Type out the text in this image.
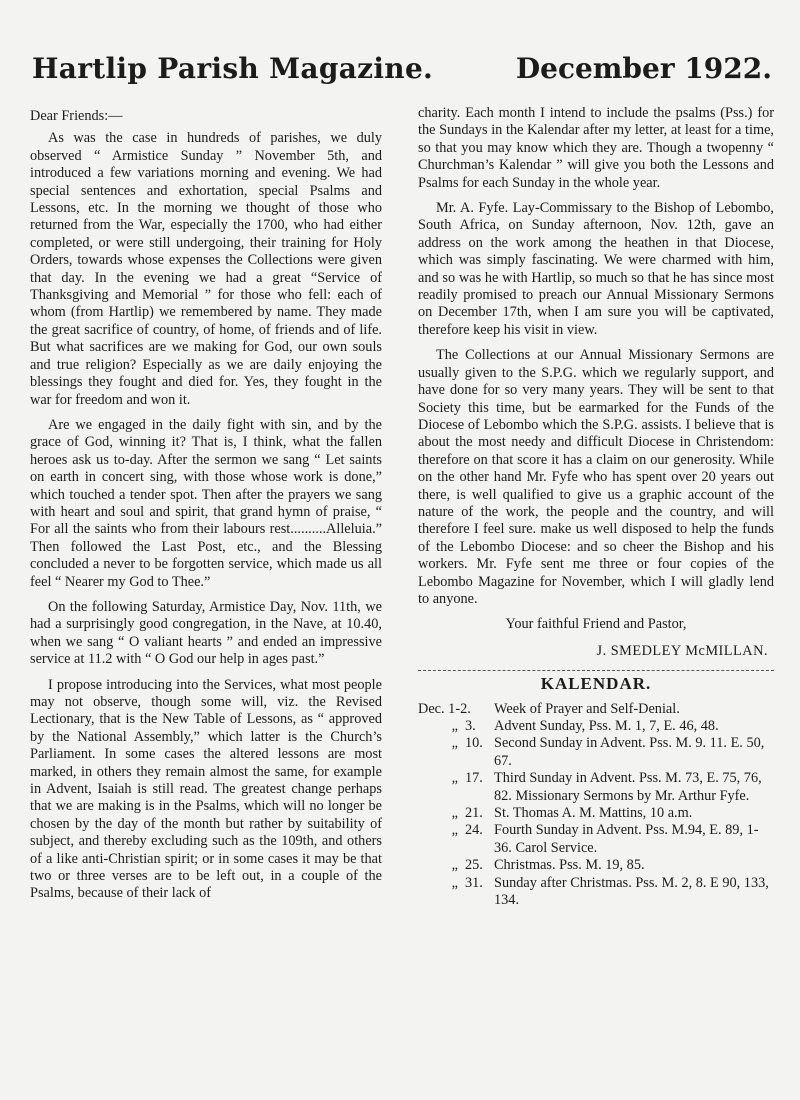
Hartlip Parish Magazine.	December 1922.
Dear Friends:—

As was the case in hundreds of parishes, we duly observed “ Armistice Sunday ” November 5th, and introduced a few variations morning and evening. We had special sentences and exhortation, special Psalms and Lessons, etc. In the morning we thought of those who returned from the War, especially the 1700, who had either completed, or were still undergoing, their training for Holy Orders, towards whose expenses the Collections were given that day. In the evening we had a great “Service of Thanksgiving and Memorial ” for those who fell: each of whom (from Hartlip) we remembered by name. They made the great sacrifice of country, of home, of friends and of life. But what sacrifices are we making for God, our own souls and true religion? Especially as we are daily enjoying the blessings they fought and died for. Yes, they fought in the war for freedom and won it.

Are we engaged in the daily fight with sin, and by the grace of God, winning it? That is, I think, what the fallen heroes ask us to-day. After the sermon we sang “ Let saints on earth in concert sing, with those whose work is done,” which touched a tender spot. Then after the prayers we sang with heart and soul and spirit, that grand hymn of praise, “ For all the saints who from their labours rest..........Alleluia.” Then followed the Last Post, etc., and the Blessing concluded a never to be forgotten service, which made us all feel “ Nearer my God to Thee.”

On the following Saturday, Armistice Day, Nov. 11th, we had a surprisingly good congregation, in the Nave, at 10.40, when we sang “ O valiant hearts ” and ended an impressive service at 11.2 with “ O God our help in ages past.”

I propose introducing into the Services, what most people may not observe, though some will, viz. the Revised Lectionary, that is the New Table of Lessons, as “ approved by the National Assembly,” which latter is the Church’s Parliament. In some cases the altered lessons are most marked, in others they remain almost the same, for example in Advent, Isaiah is still read. The greatest change perhaps that we are making is in the Psalms, which will no longer be chosen by the day of the month but rather by suitability of subject, and thereby excluding such as the 109th, and others of a like anti-Christian spirit; or in some cases it may be that two or three verses are to be left out, in a couple of the Psalms, because of their lack of

charity. Each month I intend to include the psalms (Pss.) for the Sundays in the Kalendar after my letter, at least for a time, so that you may know which they are. Though a twopenny “ Churchman’s Kalendar ” will give you both the Lessons and Psalms for each Sunday in the whole year.

Mr. A. Fyfe. Lay-Commissary to the Bishop of Lebombo, South Africa, on Sunday afternoon, Nov. 12th, gave an address on the work among the heathen in that Diocese, which was simply fascinating. We were charmed with him, and so was he with Hartlip, so much so that he has since most readily promised to preach our Annual Missionary Sermons on December 17th, when I am sure you will be captivated, therefore keep his visit in view.

The Collections at our Annual Missionary Sermons are usually given to the S.P.G. which we regularly support, and have done for so very many years. They will be sent to that Society this time, but be earmarked for the Funds of the Diocese of Lebombo which the S.P.G. assists. I believe that is about the most needy and difficult Diocese in Christendom: therefore on that score it has a claim on our generosity. While on the other hand Mr. Fyfe who has spent over 20 years out there, is well qualified to give us a graphic account of the nature of the work, the people and the country, and will therefore I feel sure. make us well disposed to help the funds of the Lebombo Diocese: and so cheer the Bishop and his workers. Mr. Fyfe sent me three or four copies of the Lebombo Magazine for November, which I will gladly lend to anyone.

Your faithful Friend and Pastor,
J. SMEDLEY McMILLAN.
KALENDAR.
Dec. 1-2.	Week of Prayer and Self-Denial.
„ 3.	Advent Sunday, Pss. M. 1, 7, E. 46, 48.
„ 10. Second Sunday in Advent. Pss. M. 9. 11. E. 50, 67.
„ 17. Third Sunday in Advent. Pss. M. 73, E. 75, 76, 82. Missionary Sermons by Mr. Arthur Fyfe.
„ 21. St. Thomas A. M. Mattins, 10 a.m.
„ 24. Fourth Sunday in Advent. Pss. M.94, E. 89, 1-36. Carol Service.
„ 25. Christmas. Pss. M. 19, 85.
„ 31. Sunday after Christmas. Pss. M. 2, 8. E 90, 133, 134.
